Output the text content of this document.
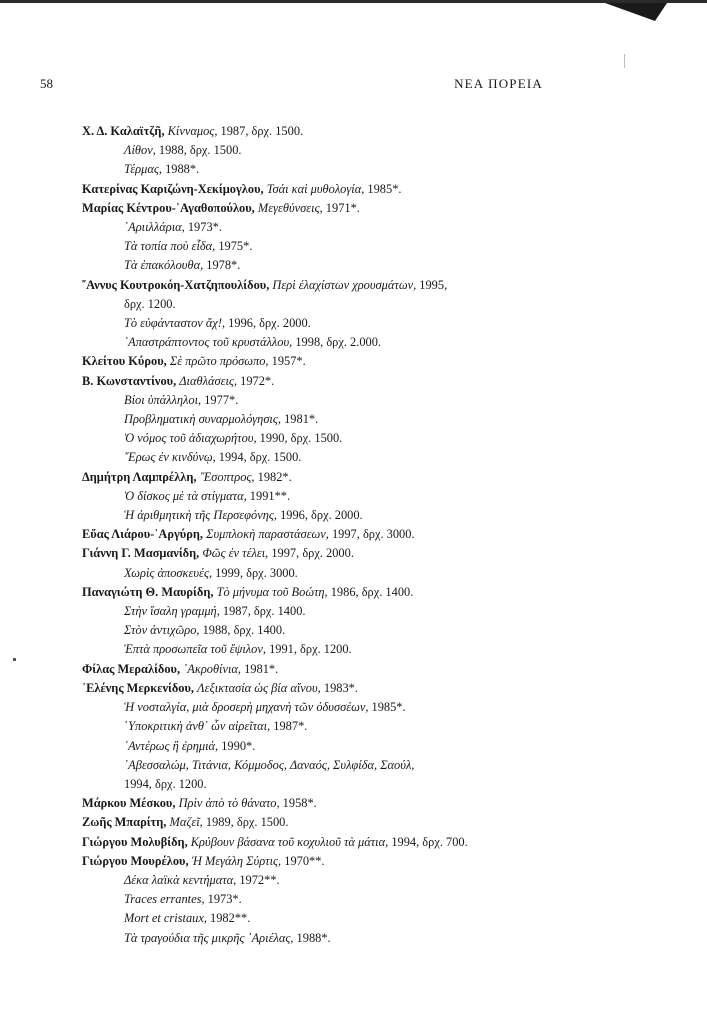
58	ΝΕΑ ΠΟΡΕΙΑ
Χ. Δ. Καλαϊτζῆ, Κίνναμος, 1987, δρχ. 1500.
Λίθον, 1988, δρχ. 1500.
Τέρμας, 1988*.
Κατερίνας Καριζώνη-Χεκίμογλου, Τσάι καὶ μυθολογία, 1985*.
Μαρίας Κέντρου-᾿Αγαθοπούλου, Μεγεθύνσεις, 1971*.
᾿Αριιλλάρια, 1973*.
Τὰ τοπία ποὺ εἶδα, 1975*.
Τὰ ἐπακόλουθα, 1978*.
῎Αννυς Κουτροκόη-Χατζηπουλίδου, Περὶ ἐλαχίστων χρουσμάτων, 1995,
δρχ. 1200.
Τὸ εὐφάνταστον ἄχ!, 1996, δρχ. 2000.
᾿Απαστράπτοντος τοῦ κρυστάλλου, 1998, δρχ. 2.000.
Κλείτου Κύρου, Σὲ πρῶτο πρόσωπο, 1957*.
Β. Κωνσταντίνου, Διαθλάσεις, 1972*.
Βίοι ὑπάλληλοι, 1977*.
Προβληματικὴ συναρμολόγησις, 1981*.
Ὁ νόμος τοῦ ἀδιαχωρήτου, 1990, δρχ. 1500.
῎Ερως ἐν κινδύνῳ, 1994, δρχ. 1500.
Δημήτρη Λαμπρέλλη, ῎Εσοπτρος, 1982*.
Ὁ δίσκος μὲ τὰ στίγματα, 1991**.
Ἡ ἀριθμητικὴ τῆς Περσεφόνης, 1996, δρχ. 2000.
Εὔας Λιάρου-᾿Αργύρη, Συμπλοκὴ παραστάσεων, 1997, δρχ. 3000.
Γιάννη Γ. Μασμανίδη, Φῶς ἐν τέλει, 1997, δρχ. 2000.
Χωρὶς ἀποσκευές, 1999, δρχ. 3000.
Παναγιώτη Θ. Μαυρίδη, Τὸ μήνυμα τοῦ Βοώτη, 1986, δρχ. 1400.
Στὴν ἴσαλη γραμμή, 1987, δρχ. 1400.
Στὸν ἀντιχῶρο, 1988, δρχ. 1400.
Ἑπτὰ προσωπεῖα τοῦ ἔψιλον, 1991, δρχ. 1200.
Φίλας Μεραλίδου, ᾿Ακροθίνια, 1981*.
᾿Ελένης Μερκενίδου, Λεξικτασία ὡς βία αἴνου, 1983*.
Ἡ νοσταλγία, μιὰ δροσερὴ μηχανὴ τῶν ὀδυσσέων, 1985*.
῾Υποκριτικὴ ἀνθ᾿ ὧν αἱρεῖται, 1987*.
᾿Αντέρως ἢ ἐρημιά, 1990*.
᾿Αβεσσαλώμ, Τιτάνια, Κόμμοδος, Δαναός, Συλφίδα, Σαούλ,
1994, δρχ. 1200.
Μάρκου Μέσκου, Πρὶν ἀπὸ τὸ θάνατο, 1958*.
Ζωῆς Μπαρίτη, Μαζεῖ, 1989, δρχ. 1500.
Γιώργου Μολυβίδη, Κρύβουν βάσανα τοῦ κοχυλιοῦ τὰ μάτια, 1994, δρχ. 700.
Γιώργου Μουρέλου, Ἡ Μεγάλη Σύρτις, 1970**.
Δέκα λαϊκὰ κεντήματα, 1972**.
Traces errantes, 1973*.
Mort et cristaux, 1982**.
Τὰ τραγούδια τῆς μικρῆς ᾿Αριέλας, 1988*.
